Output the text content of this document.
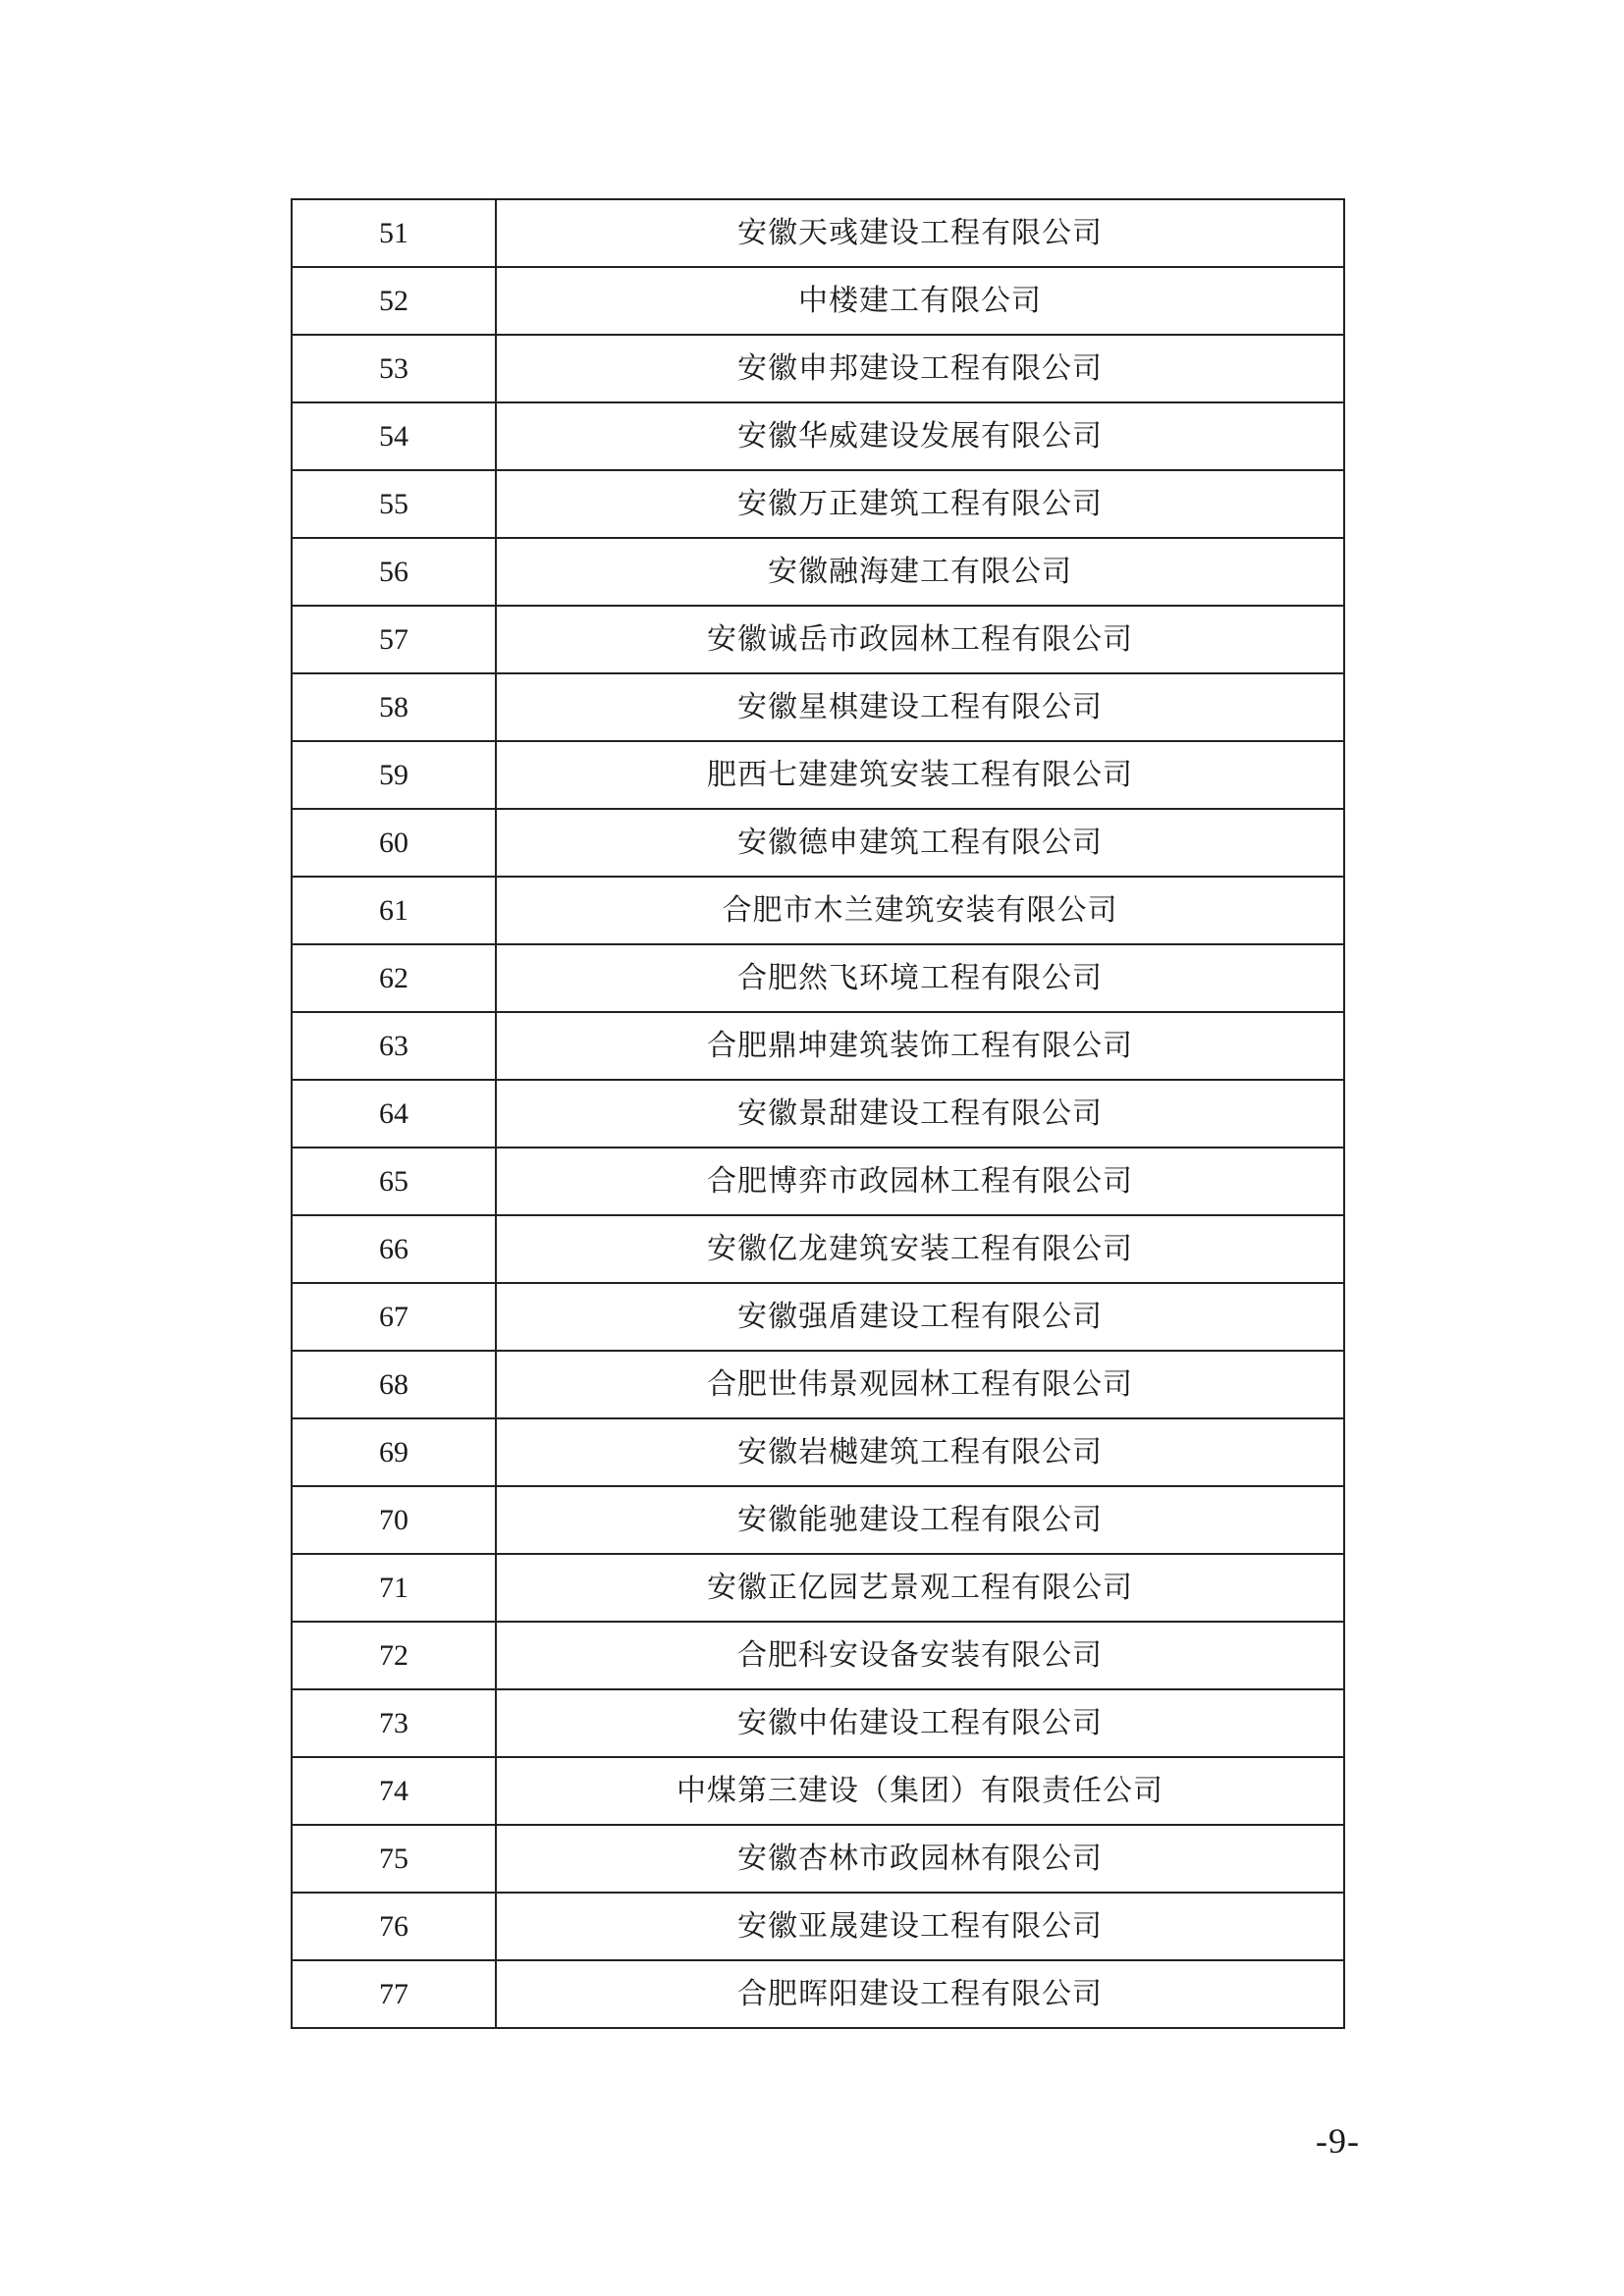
51	安徽天彧建设工程有限公司
52	中楼建工有限公司
53	安徽申邦建设工程有限公司
54	安徽华威建设发展有限公司
55	安徽万正建筑工程有限公司
56	安徽融海建工有限公司
57	安徽诚岳市政园林工程有限公司
58	安徽星棋建设工程有限公司
59	肥西七建建筑安装工程有限公司
60	安徽德申建筑工程有限公司
61	合肥市木兰建筑安装有限公司
62	合肥然飞环境工程有限公司
63	合肥鼎坤建筑装饰工程有限公司
64	安徽景甜建设工程有限公司
65	合肥博弈市政园林工程有限公司
66	安徽亿龙建筑安装工程有限公司
67	安徽强盾建设工程有限公司
68	合肥世伟景观园林工程有限公司
69	安徽岩樾建筑工程有限公司
70	安徽能驰建设工程有限公司
71	安徽正亿园艺景观工程有限公司
72	合肥科安设备安装有限公司
73	安徽中佑建设工程有限公司
74	中煤第三建设（集团）有限责任公司
75	安徽杏林市政园林有限公司
76	安徽亚晟建设工程有限公司
77	合肥晖阳建设工程有限公司
-9-
